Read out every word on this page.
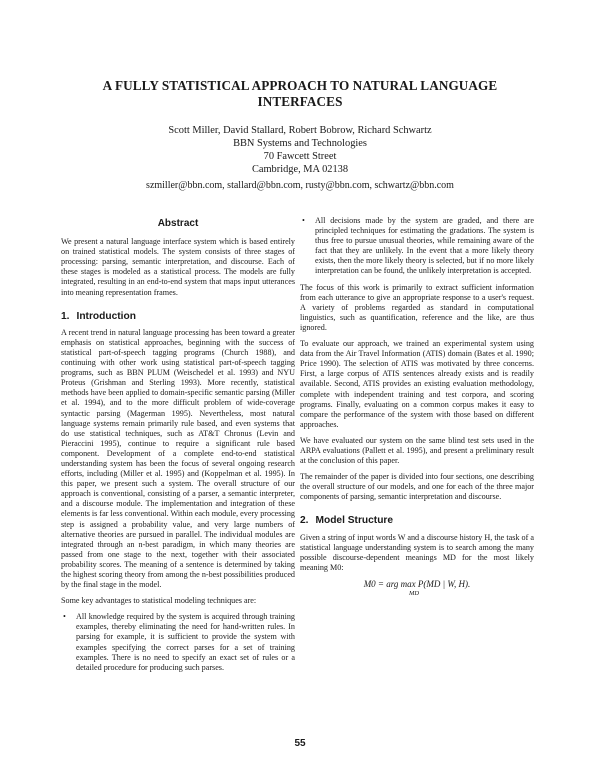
A FULLY STATISTICAL APPROACH TO NATURAL LANGUAGE
INTERFACES
Scott Miller, David Stallard, Robert Bobrow, Richard Schwartz
BBN Systems and Technologies
70 Fawcett Street
Cambridge, MA 02138
szmiller@bbn.com, stallard@bbn.com, rusty@bbn.com, schwartz@bbn.com
Abstract

We present a natural language interface system which is based entirely on trained statistical models. The system consists of three stages of processing: parsing, semantic interpretation, and discourse. Each of these stages is modeled as a statistical process. The models are fully integrated, resulting in an end-to-end system that maps input utterances into meaning representation frames.

1. Introduction

A recent trend in natural language processing has been toward a greater emphasis on statistical approaches, beginning with the success of statistical part-of-speech tagging programs (Church 1988), and continuing with other work using statistical part-of-speech tagging programs, such as BBN PLUM (Weischedel et al. 1993) and NYU Proteus (Grishman and Sterling 1993). More recently, statistical methods have been applied to domain-specific semantic parsing (Miller et al. 1994), and to the more difficult problem of wide-coverage syntactic parsing (Magerman 1995). Nevertheless, most natural language systems remain primarily rule based, and even systems that do use statistical techniques, such as AT&T Chronus (Levin and Pieraccini 1995), continue to require a significant rule based component. Development of a complete end-to-end statistical understanding system has been the focus of several ongoing research efforts, including (Miller et al. 1995) and (Koppelman et al. 1995). In this paper, we present such a system. The overall structure of our approach is conventional, consisting of a parser, a semantic interpreter, and a discourse module. The implementation and integration of these elements is far less conventional. Within each module, every processing step is assigned a probability value, and very large numbers of alternative theories are pursued in parallel. The individual modules are integrated through an n-best paradigm, in which many theories are passed from one stage to the next, together with their associated probability scores. The meaning of a sentence is determined by taking the highest scoring theory from among the n-best possibilities produced by the final stage in the model.

Some key advantages to statistical modeling techniques are:

• All knowledge required by the system is acquired through training examples, thereby eliminating the need for hand-written rules. In parsing for example, it is sufficient to provide the system with examples specifying the correct parses for a set of training examples. There is no need to specify an exact set of rules or a detailed procedure for producing such parses.
• All decisions made by the system are graded, and there are principled techniques for estimating the gradations. The system is thus free to pursue unusual theories, while remaining aware of the fact that they are unlikely. In the event that a more likely theory exists, then the more likely theory is selected, but if no more likely interpretation can be found, the unlikely interpretation is accepted.

The focus of this work is primarily to extract sufficient information from each utterance to give an appropriate response to a user's request. A variety of problems regarded as standard in computational linguistics, such as quantification, reference and the like, are thus ignored.

To evaluate our approach, we trained an experimental system using data from the Air Travel Information (ATIS) domain (Bates et al. 1990; Price 1990). The selection of ATIS was motivated by three concerns. First, a large corpus of ATIS sentences already exists and is readily available. Second, ATIS provides an existing evaluation methodology, complete with independent training and test corpora, and scoring programs. Finally, evaluating on a common corpus makes it easy to compare the performance of the system with those based on different approaches.

We have evaluated our system on the same blind test sets used in the ARPA evaluations (Pallett et al. 1995), and present a preliminary result at the conclusion of this paper.

The remainder of the paper is divided into four sections, one describing the overall structure of our models, and one for each of the three major components of parsing, semantic interpretation and discourse.

2. Model Structure

Given a string of input words W and a discourse history H, the task of a statistical language understanding system is to search among the many possible discourse-dependent meanings MD for the most likely meaning M0:

M0 = arg max P(MD | W, H).
MD
55
